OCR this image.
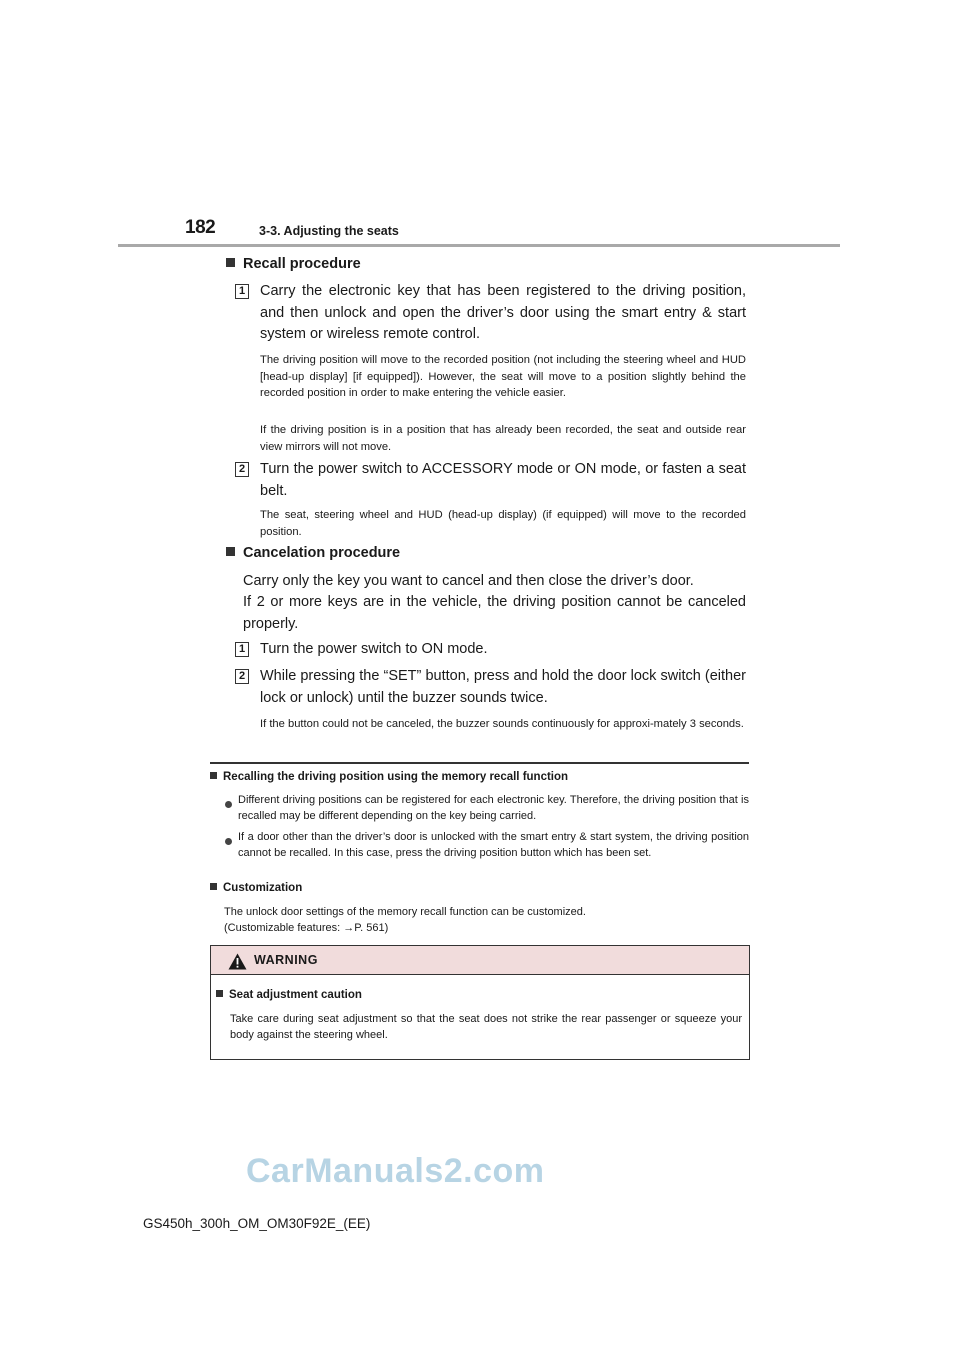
182	3-3. Adjusting the seats
Recall procedure
1 Carry the electronic key that has been registered to the driving position, and then unlock and open the driver’s door using the smart entry & start system or wireless remote control.
The driving position will move to the recorded position (not including the steering wheel and HUD [head-up display] [if equipped]). However, the seat will move to a position slightly behind the recorded position in order to make entering the vehicle easier.
If the driving position is in a position that has already been recorded, the seat and outside rear view mirrors will not move.
2 Turn the power switch to ACCESSORY mode or ON mode, or fasten a seat belt.
The seat, steering wheel and HUD (head-up display) (if equipped) will move to the recorded position.
Cancelation procedure
Carry only the key you want to cancel and then close the driver’s door.
If 2 or more keys are in the vehicle, the driving position cannot be canceled properly.
1 Turn the power switch to ON mode.
2 While pressing the “SET” button, press and hold the door lock switch (either lock or unlock) until the buzzer sounds twice.
If the button could not be canceled, the buzzer sounds continuously for approxi-mately 3 seconds.
Recalling the driving position using the memory recall function
Different driving positions can be registered for each electronic key. Therefore, the driving position that is recalled may be different depending on the key being carried.
If a door other than the driver’s door is unlocked with the smart entry & start system, the driving position cannot be recalled. In this case, press the driving position button which has been set.
Customization
The unlock door settings of the memory recall function can be customized.
(Customizable features: →P. 561)
WARNING
Seat adjustment caution
Take care during seat adjustment so that the seat does not strike the rear passenger or squeeze your body against the steering wheel.
CarManuals2.com
GS450h_300h_OM_OM30F92E_(EE)
